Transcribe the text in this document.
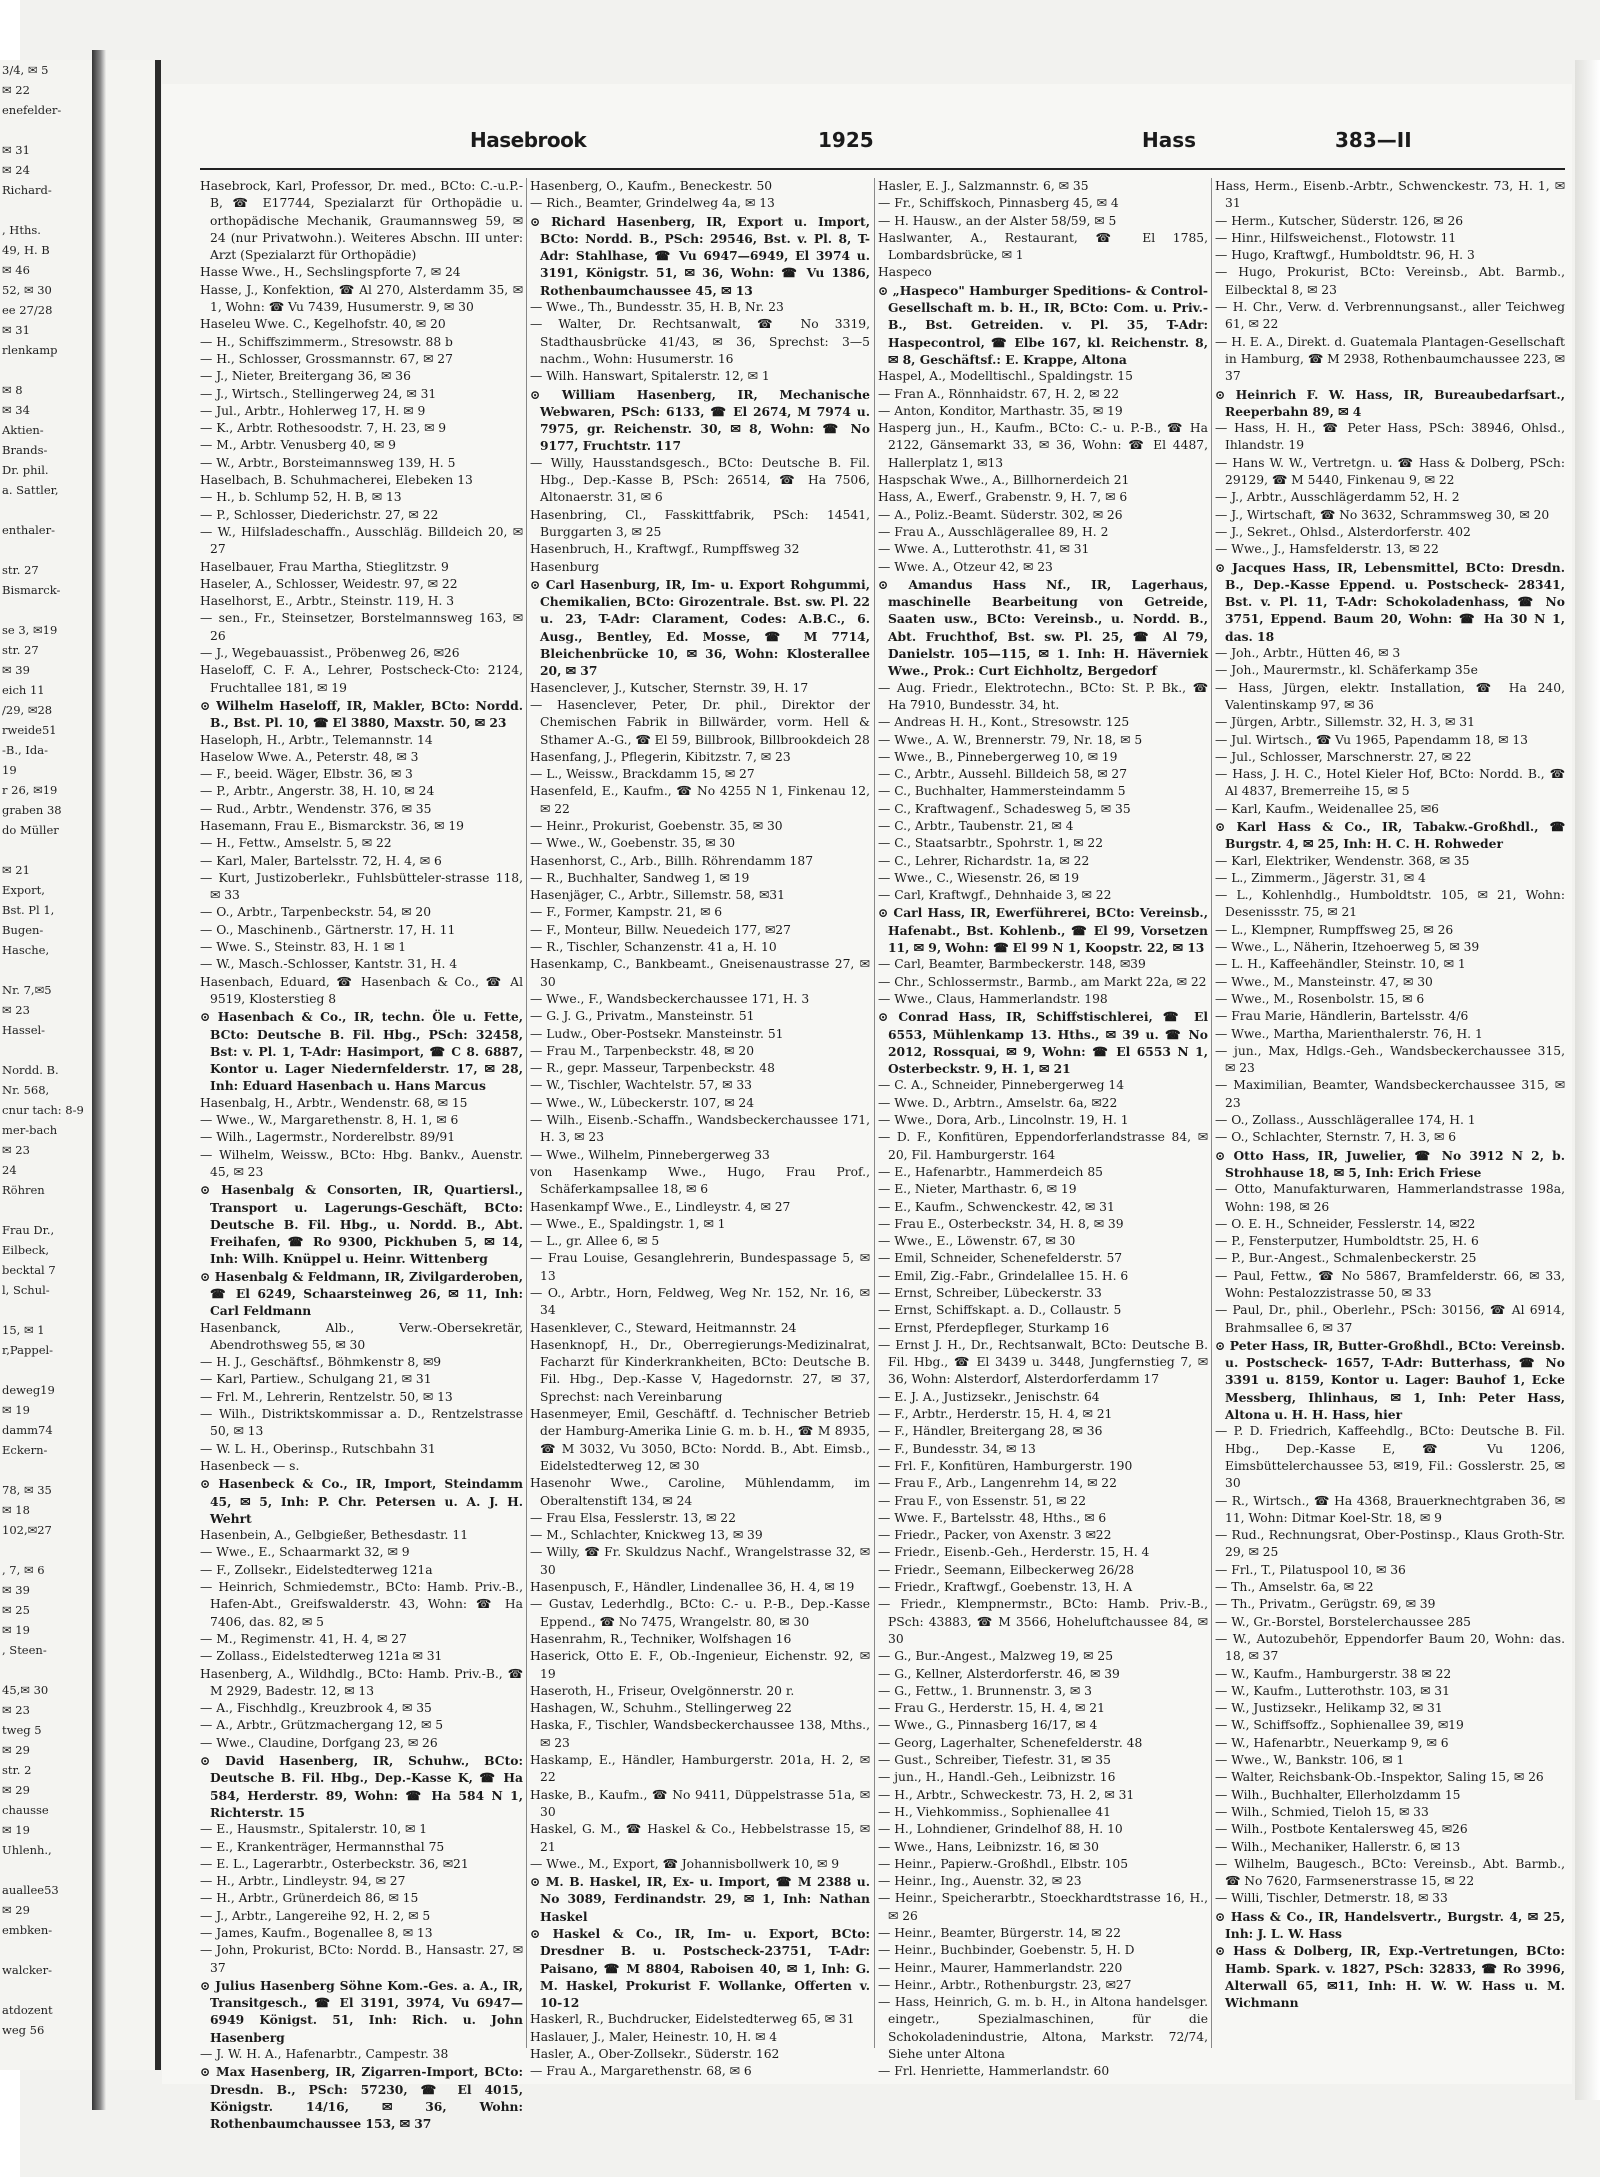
3/4, ✉ 5
✉ 22
enefelder-

✉ 31
✉ 24
Richard-

, Hths.
49, H. B
✉ 46
52, ✉ 30
ee 27/28
✉ 31
rlenkamp

✉ 8
✉ 34
Aktien-
Brands-
Dr. phil.
a. Sattler,

enthaler-

str. 27
Bismarck-

se 3, ✉19
str. 27
✉ 39
eich 11
/29, ✉28
rweide51
-B., Ida-
19
r 26, ✉19
graben 38
do Müller

✉ 21
Export,
Bst. Pl 1,
Bugen-
Hasche,

Nr. 7,✉5
✉ 23
Hassel-

Nordd. B.
Nr. 568,
cnur tach: 8-9
mer-bach
✉ 23
24
Röhren

Frau Dr.,
Eilbeck,
becktal 7
l, Schul-

15, ✉ 1
r,Pappel-

deweg19
✉ 19
damm74
Eckern-

78, ✉ 35
✉ 18
102,✉27

, 7, ✉ 6
✉ 39
✉ 25
✉ 19
, Steen-

45,✉ 30
✉ 23
tweg 5
✉ 29
str. 2
✉ 29
chausse
✉ 19
Uhlenh.,

auallee53
✉ 29
embken-

walcker-

atdozent
weg 56
Hasebrook	1925	Hass	383—II

Hasebrock, Karl, Professor, Dr. med., BCto: C.-u.P.-B, ☎ E17744, Spezialarzt für Orthopädie u. orthopädische Mechanik, Graumannsweg 59, ✉ 24 (nur Privatwohn.). Weiteres Abschn. III unter: Arzt (Spezialarzt für Orthopädie)

Hasse Wwe., H., Sechslingspforte 7, ✉ 24

Hasse, J., Konfektion, ☎ Al 270, Alsterdamm 35, ✉ 1, Wohn: ☎ Vu 7439, Husumerstr. 9, ✉ 30

Haseleu Wwe. C., Kegelhofstr. 40, ✉ 20

— H., Schiffszimmerm., Stresowstr. 88 b

— H., Schlosser, Grossmannstr. 67, ✉ 27

— J., Nieter, Breitergang 36, ✉ 36

— J., Wirtsch., Stellingerweg 24, ✉ 31

— Jul., Arbtr., Hohlerweg 17, H. ✉ 9

— K., Arbtr. Rothesoodstr. 7, H. 23, ✉ 9

— M., Arbtr. Venusberg 40, ✉ 9

— W., Arbtr., Borsteimannsweg 139, H. 5

Haselbach, B. Schuhmacherei, Elebeken 13

— H., b. Schlump 52, H. B, ✉ 13

— P., Schlosser, Diederichstr. 27, ✉ 22

— W., Hilfsladeschaffn., Ausschläg. Billdeich 20, ✉ 27

Haselbauer, Frau Martha, Stieglitzstr. 9

Haseler, A., Schlosser, Weidestr. 97, ✉ 22

Haselhorst, E., Arbtr., Steinstr. 119, H. 3

— sen., Fr., Steinsetzer, Borstelmannsweg 163, ✉ 26

— J., Wegebauassist., Pröbenweg 26, ✉26

Haseloff, C. F. A., Lehrer, Postscheck-Cto: 2124, Fruchtallee 181, ✉ 19

⊙ Wilhelm Haseloff, IR, Makler, BCto: Nordd. B., Bst. Pl. 10, ☎ El 3880, Maxstr. 50, ✉ 23

Haseloph, H., Arbtr., Telemannstr. 14

Haselow Wwe. A., Peterstr. 48, ✉ 3

— F., beeid. Wäger, Elbstr. 36, ✉ 3

— P., Arbtr., Angerstr. 38, H. 10, ✉ 24

— Rud., Arbtr., Wendenstr. 376, ✉ 35

Hasemann, Frau E., Bismarckstr. 36, ✉ 19

— H., Fettw., Amselstr. 5, ✉ 22

— Karl, Maler, Bartelsstr. 72, H. 4, ✉ 6

— Kurt, Justizoberlekr., Fuhlsbütteler-strasse 118, ✉ 33

— O., Arbtr., Tarpenbeckstr. 54, ✉ 20

— O., Maschinenb., Gärtnerstr. 17, H. 11

— Wwe. S., Steinstr. 83, H. 1 ✉ 1

— W., Masch.-Schlosser, Kantstr. 31, H. 4

Hasenbach, Eduard, ☎ Hasenbach & Co., ☎ Al 9519, Klosterstieg 8

⊙ Hasenbach & Co., IR, techn. Öle u. Fette, BCto: Deutsche B. Fil. Hbg., PSch: 32458, Bst: v. Pl. 1, T-Adr: Hasimport, ☎ C 8. 6887, Kontor u. Lager Niedernfelderstr. 17, ✉ 28, Inh: Eduard Hasenbach u. Hans Marcus

Hasenbalg, H., Arbtr., Wendenstr. 68, ✉ 15

— Wwe., W., Margarethenstr. 8, H. 1, ✉ 6

— Wilh., Lagermstr., Norderelbstr. 89/91

— Wilhelm, Weissw., BCto: Hbg. Bankv., Auenstr. 45, ✉ 23

⊙ Hasenbalg & Consorten, IR, Quartiersl., Transport u. Lagerungs-Geschäft, BCto: Deutsche B. Fil. Hbg., u. Nordd. B., Abt. Freihafen, ☎ Ro 9300, Pickhuben 5, ✉ 14, Inh: Wilh. Knüppel u. Heinr. Wittenberg

⊙ Hasenbalg & Feldmann, IR, Zivilgarderoben, ☎ El 6249, Schaarsteinweg 26, ✉ 11, Inh: Carl Feldmann

Hasenbanck, Alb., Verw.-Obersekretär, Abendrothsweg 55, ✉ 30

— H. J., Geschäftsf., Böhmkenstr 8, ✉9

— Karl, Partiew., Schulgang 21, ✉ 31

— Frl. M., Lehrerin, Rentzelstr. 50, ✉ 13

— Wilh., Distriktskommissar a. D., Rentzelstrasse 50, ✉ 13

— W. L. H., Oberinsp., Rutschbahn 31

Hasenbeck — s.

⊙ Hasenbeck & Co., IR, Import, Steindamm 45, ✉ 5, Inh: P. Chr. Petersen u. A. J. H. Wehrt

Hasenbein, A., Gelbgießer, Bethesdastr. 11

— Wwe., E., Schaarmarkt 32, ✉ 9

— F., Zollsekr., Eidelstedterweg 121a

— Heinrich, Schmiedemstr., BCto: Hamb. Priv.-B., Hafen-Abt., Greifswalderstr. 43, Wohn: ☎ Ha 7406, das. 82, ✉ 5

— M., Regimenstr. 41, H. 4, ✉ 27

— Zollass., Eidelstedterweg 121a ✉ 31

Hasenberg, A., Wildhdlg., BCto: Hamb. Priv.-B., ☎ M 2929, Badestr. 12, ✉ 13

— A., Fischhdlg., Kreuzbrook 4, ✉ 35

— A., Arbtr., Grützmachergang 12, ✉ 5

— Wwe., Claudine, Dorfgang 23, ✉ 26

⊙ David Hasenberg, IR, Schuhw., BCto: Deutsche B. Fil. Hbg., Dep.-Kasse K, ☎ Ha 584, Herderstr. 89, Wohn: ☎ Ha 584 N 1, Richterstr. 15

— E., Hausmstr., Spitalerstr. 10, ✉ 1

— E., Krankenträger, Hermannsthal 75

— E. L., Lagerarbtr., Osterbeckstr. 36, ✉21

— H., Arbtr., Lindleystr. 94, ✉ 27

— H., Arbtr., Grünerdeich 86, ✉ 15

— J., Arbtr., Langereihe 92, H. 2, ✉ 5

— James, Kaufm., Bogenallee 8, ✉ 13

— John, Prokurist, BCto: Nordd. B., Hansastr. 27, ✉ 37

⊙ Julius Hasenberg Söhne Kom.-Ges. a. A., IR, Transitgesch., ☎ El 3191, 3974, Vu 6947—6949 Königst. 51, Inh: Rich. u. John Hasenberg

— J. W. H. A., Hafenarbtr., Campestr. 38

⊙ Max Hasenberg, IR, Zigarren-Import, BCto: Dresdn. B., PSch: 57230, ☎ El 4015, Königstr. 14/16, ✉ 36, Wohn: Rothenbaumchaussee 153, ✉ 37

Hasenberg, O., Kaufm., Beneckestr. 50

— Rich., Beamter, Grindelweg 4a, ✉ 13

⊙ Richard Hasenberg, IR, Export u. Import, BCto: Nordd. B., PSch: 29546, Bst. v. Pl. 8, T-Adr: Stahlhase, ☎ Vu 6947—6949, El 3974 u. 3191, Königstr. 51, ✉ 36, Wohn: ☎ Vu 1386, Rothenbaumchaussee 45, ✉ 13

— Wwe., Th., Bundesstr. 35, H. B, Nr. 23

— Walter, Dr. Rechtsanwalt, ☎ No 3319, Stadthausbrücke 41/43, ✉ 36, Sprechst: 3—5 nachm., Wohn: Husumerstr. 16

— Wilh. Hanswart, Spitalerstr. 12, ✉ 1

⊙ William Hasenberg, IR, Mechanische Webwaren, PSch: 6133, ☎ El 2674, M 7974 u. 7975, gr. Reichenstr. 30, ✉ 8, Wohn: ☎ No 9177, Fruchtstr. 117

— Willy, Hausstandsgesch., BCto: Deutsche B. Fil. Hbg., Dep.-Kasse B, PSch: 26514, ☎ Ha 7506, Altonaerstr. 31, ✉ 6

Hasenbring, Cl., Fasskittfabrik, PSch: 14541, Burggarten 3, ✉ 25

Hasenbruch, H., Kraftwgf., Rumpffsweg 32

Hasenburg

⊙ Carl Hasenburg, IR, Im- u. Export Rohgummi, Chemikalien, BCto: Girozentrale. Bst. sw. Pl. 22 u. 23, T-Adr: Clarament, Codes: A.B.C., 6. Ausg., Bentley, Ed. Mosse, ☎ M 7714, Bleichenbrücke 10, ✉ 36, Wohn: Klosterallee 20, ✉ 37

Hasenclever, J., Kutscher, Sternstr. 39, H. 17

— Hasenclever, Peter, Dr. phil., Direktor der Chemischen Fabrik in Billwärder, vorm. Hell & Sthamer A.-G., ☎ El 59, Billbrook, Billbrookdeich 28

Hasenfang, J., Pflegerin, Kibitzstr. 7, ✉ 23

— L., Weissw., Brackdamm 15, ✉ 27

Hasenfeld, E., Kaufm., ☎ No 4255 N 1, Finkenau 12, ✉ 22

— Heinr., Prokurist, Goebenstr. 35, ✉ 30

— Wwe., W., Goebenstr. 35, ✉ 30

Hasenhorst, C., Arb., Billh. Röhrendamm 187

— R., Buchhalter, Sandweg 1, ✉ 19

Hasenjäger, C., Arbtr., Sillemstr. 58, ✉31

— F., Former, Kampstr. 21, ✉ 6

— F., Monteur, Billw. Neuedeich 177, ✉27

— R., Tischler, Schanzenstr. 41 a, H. 10

Hasenkamp, C., Bankbeamt., Gneisenaustrasse 27, ✉ 30

— Wwe., F., Wandsbeckerchaussee 171, H. 3

— G. J. G., Privatm., Mansteinstr. 51

— Ludw., Ober-Postsekr. Mansteinstr. 51

— Frau M., Tarpenbeckstr. 48, ✉ 20

— R., gepr. Masseur, Tarpenbeckstr. 48

— W., Tischler, Wachtelstr. 57, ✉ 33

— Wwe., W., Lübeckerstr. 107, ✉ 24

— Wilh., Eisenb.-Schaffn., Wandsbeckerchaussee 171, H. 3, ✉ 23

— Wwe., Wilhelm, Pinnebergerweg 33

von Hasenkamp Wwe., Hugo, Frau Prof., Schäferkampsallee 18, ✉ 6

Hasenkampf Wwe., E., Lindleystr. 4, ✉ 27

— Wwe., E., Spaldingstr. 1, ✉ 1

— L., gr. Allee 6, ✉ 5

— Frau Louise, Gesanglehrerin, Bundespassage 5, ✉ 13

— O., Arbtr., Horn, Feldweg, Weg Nr. 152, Nr. 16, ✉ 34

Hasenklever, C., Steward, Heitmannstr. 24

Hasenknopf, H., Dr., Oberregierungs-Medizinalrat, Facharzt für Kinderkrankheiten, BCto: Deutsche B. Fil. Hbg., Dep.-Kasse V, Hagedornstr. 27, ✉ 37, Sprechst: nach Vereinbarung

Hasenmeyer, Emil, Geschäftf. d. Technischer Betrieb der Hamburg-Amerika Linie G. m. b. H., ☎ M 8935, ☎ M 3032, Vu 3050, BCto: Nordd. B., Abt. Eimsb., Eidelstedterweg 12, ✉ 30

Hasenohr Wwe., Caroline, Mühlendamm, im Oberaltenstift 134, ✉ 24

— Frau Elsa, Fesslerstr. 13, ✉ 22

— M., Schlachter, Knickweg 13, ✉ 39

— Willy, ☎ Fr. Skuldzus Nachf., Wrangelstrasse 32, ✉ 30

Hasenpusch, F., Händler, Lindenallee 36, H. 4, ✉ 19

— Gustav, Lederhdlg., BCto: C.- u. P.-B., Dep.-Kasse Eppend., ☎ No 7475, Wrangelstr. 80, ✉ 30

Hasenrahm, R., Techniker, Wolfshagen 16

Haserick, Otto E. F., Ob.-Ingenieur, Eichenstr. 92, ✉ 19

Haseroth, H., Friseur, Ovelgönnerstr. 20 r.

Hashagen, W., Schuhm., Stellingerweg 22

Haska, F., Tischler, Wandsbeckerchaussee 138, Mths., ✉ 23

Haskamp, E., Händler, Hamburgerstr. 201a, H. 2, ✉ 22

Haske, B., Kaufm., ☎ No 9411, Düppelstrasse 51a, ✉ 30

Haskel, G. M., ☎ Haskel & Co., Hebbelstrasse 15, ✉ 21

— Wwe., M., Export, ☎ Johannisbollwerk 10, ✉ 9

⊙ M. B. Haskel, IR, Ex- u. Import, ☎ M 2388 u. No 3089, Ferdinandstr. 29, ✉ 1, Inh: Nathan Haskel

⊙ Haskel & Co., IR, Im- u. Export, BCto: Dresdner B. u. Postscheck-23751, T-Adr: Paisano, ☎ M 8804, Raboisen 40, ✉ 1, Inh: G. M. Haskel, Prokurist F. Wollanke, Offerten v. 10-12

Haskerl, R., Buchdrucker, Eidelstedterweg 65, ✉ 31

Haslauer, J., Maler, Heinestr. 10, H. ✉ 4

Hasler, A., Ober-Zollsekr., Süderstr. 162

— Frau A., Margarethenstr. 68, ✉ 6

Hasler, E. J., Salzmannstr. 6, ✉ 35

— Fr., Schiffskoch, Pinnasberg 45, ✉ 4

— H. Hausw., an der Alster 58/59, ✉ 5

Haslwanter, A., Restaurant, ☎ El 1785, Lombardsbrücke, ✉ 1

Haspeco

⊙ „Haspeco" Hamburger Speditions- & Control-Gesellschaft m. b. H., IR, BCto: Com. u. Priv.-B., Bst. Getreiden. v. Pl. 35, T-Adr: Haspecontrol, ☎ Elbe 167, kl. Reichenstr. 8, ✉ 8, Geschäftsf.: E. Krappe, Altona

Haspel, A., Modelltischl., Spaldingstr. 15

— Fran A., Rönnhaidstr. 67, H. 2, ✉ 22

— Anton, Konditor, Marthastr. 35, ✉ 19

Hasperg jun., H., Kaufm., BCto: C.- u. P.-B., ☎ Ha 2122, Gänsemarkt 33, ✉ 36, Wohn: ☎ El 4487, Hallerplatz 1, ✉13

Haspschak Wwe., A., Billhornerdeich 21

Hass, A., Ewerf., Grabenstr. 9, H. 7, ✉ 6

— A., Poliz.-Beamt. Süderstr. 302, ✉ 26

— Frau A., Ausschlägerallee 89, H. 2

— Wwe. A., Lutterothstr. 41, ✉ 31

— Wwe. A., Otzeur 42, ✉ 23

⊙ Amandus Hass Nf., IR, Lagerhaus, maschinelle Bearbeitung von Getreide, Saaten usw., BCto: Vereinsb., u. Nordd. B., Abt. Fruchthof, Bst. sw. Pl. 25, ☎ Al 79, Danielstr. 105—115, ✉ 1. Inh: H. Häverniek Wwe., Prok.: Curt Eichholtz, Bergedorf

— Aug. Friedr., Elektrotechn., BCto: St. P. Bk., ☎ Ha 7910, Bundesstr. 34, ht.

— Andreas H. H., Kont., Stresowstr. 125

— Wwe., A. W., Brennerstr. 79, Nr. 18, ✉ 5

— Wwe., B., Pinnebergerweg 10, ✉ 19

— C., Arbtr., Aussehl. Billdeich 58, ✉ 27

— C., Buchhalter, Hammersteindamm 5

— C., Kraftwagenf., Schadesweg 5, ✉ 35

— C., Arbtr., Taubenstr. 21, ✉ 4

— C., Staatsarbtr., Spohrstr. 1, ✉ 22

— C., Lehrer, Richardstr. 1a, ✉ 22

— Wwe., C., Wiesenstr. 26, ✉ 19

— Carl, Kraftwgf., Dehnhaide 3, ✉ 22

⊙ Carl Hass, IR, Ewerführerei, BCto: Vereinsb., Hafenabt., Bst. Kohlenb., ☎ El 99, Vorsetzen 11, ✉ 9, Wohn: ☎ El 99 N 1, Koopstr. 22, ✉ 13

— Carl, Beamter, Barmbeckerstr. 148, ✉39

— Chr., Schlossermstr., Barmb., am Markt 22a, ✉ 22

— Wwe., Claus, Hammerlandstr. 198

⊙ Conrad Hass, IR, Schiffstischlerei, ☎ El 6553, Mühlenkamp 13. Hths., ✉ 39 u. ☎ No 2012, Rossquai, ✉ 9, Wohn: ☎ El 6553 N 1, Osterbeckstr. 9, H. 1, ✉ 21

— C. A., Schneider, Pinnebergerweg 14

— Wwe. D., Arbtrn., Amselstr. 6a, ✉22

— Wwe., Dora, Arb., Lincolnstr. 19, H. 1

— D. F., Konfitüren, Eppendorferlandstrasse 84, ✉ 20, Fil. Hamburgerstr. 164

— E., Hafenarbtr., Hammerdeich 85

— E., Nieter, Marthastr. 6, ✉ 19

— E., Kaufm., Schwenckestr. 42, ✉ 31

— Frau E., Osterbeckstr. 34, H. 8, ✉ 39

— Wwe., E., Löwenstr. 67, ✉ 30

— Emil, Schneider, Schenefelderstr. 57

— Emil, Zig.-Fabr., Grindelallee 15. H. 6

— Ernst, Schreiber, Lübeckerstr. 33

— Ernst, Schiffskapt. a. D., Collaustr. 5

— Ernst, Pferdepfleger, Sturkamp 16

— Ernst J. H., Dr., Rechtsanwalt, BCto: Deutsche B. Fil. Hbg., ☎ El 3439 u. 3448, Jungfernstieg 7, ✉ 36, Wohn: Alsterdorf, Alsterdorferdamm 17

— E. J. A., Justizsekr., Jenischstr. 64

— F., Arbtr., Herderstr. 15, H. 4, ✉ 21

— F., Händler, Breitergang 28, ✉ 36

— F., Bundesstr. 34, ✉ 13

— Frl. F., Konfitüren, Hamburgerstr. 190

— Frau F., Arb., Langenrehm 14, ✉ 22

— Frau F., von Essenstr. 51, ✉ 22

— Wwe. F., Bartelsstr. 48, Hths., ✉ 6

— Friedr., Packer, von Axenstr. 3 ✉22

— Friedr., Eisenb.-Geh., Herderstr. 15, H. 4

— Friedr., Seemann, Eilbeckerweg 26/28

— Friedr., Kraftwgf., Goebenstr. 13, H. A

— Friedr., Klempnermstr., BCto: Hamb. Priv.-B., PSch: 43883, ☎ M 3566, Hoheluftchaussee 84, ✉ 30

— G., Bur.-Angest., Malzweg 19, ✉ 25

— G., Kellner, Alsterdorferstr. 46, ✉ 39

— G., Fettw., 1. Brunnenstr. 3, ✉ 3

— Frau G., Herderstr. 15, H. 4, ✉ 21

— Wwe., G., Pinnasberg 16/17, ✉ 4

— Georg, Lagerhalter, Schenefelderstr. 48

— Gust., Schreiber, Tiefestr. 31, ✉ 35

— jun., H., Handl.-Geh., Leibnizstr. 16

— H., Arbtr., Schweckestr. 73, H. 2, ✉ 31

— H., Viehkommiss., Sophienallee 41

— H., Lohndiener, Grindelhof 88, H. 10

— Wwe., Hans, Leibnizstr. 16, ✉ 30

— Heinr., Papierw.-Großhdl., Elbstr. 105

— Heinr., Ing., Auenstr. 32, ✉ 23

— Heinr., Speicherarbtr., Stoeckhardtstrasse 16, H., ✉ 26

— Heinr., Beamter, Bürgerstr. 14, ✉ 22

— Heinr., Buchbinder, Goebenstr. 5, H. D

— Heinr., Maurer, Hammerlandstr. 220

— Heinr., Arbtr., Rothenburgstr. 23, ✉27

— Hass, Heinrich, G. m. b. H., in Altona handelsger. eingetr., Spezialmaschinen, für die Schokoladenindustrie, Altona, Markstr. 72/74, Siehe unter Altona

— Frl. Henriette, Hammerlandstr. 60

Hass, Herm., Eisenb.-Arbtr., Schwenckestr. 73, H. 1, ✉ 31

— Herm., Kutscher, Süderstr. 126, ✉ 26

— Hinr., Hilfsweichenst., Flotowstr. 11

— Hugo, Kraftwgf., Humboldtstr. 96, H. 3

— Hugo, Prokurist, BCto: Vereinsb., Abt. Barmb., Eilbecktal 8, ✉ 23

— H. Chr., Verw. d. Verbrennungsanst., aller Teichweg 61, ✉ 22

— H. E. A., Direkt. d. Guatemala Plantagen-Gesellschaft in Hamburg, ☎ M 2938, Rothenbaumchaussee 223, ✉ 37

⊙ Heinrich F. W. Hass, IR, Bureaubedarfsart., Reeperbahn 89, ✉ 4

— Hass, H. H., ☎ Peter Hass, PSch: 38946, Ohlsd., Ihlandstr. 19

— Hans W. W., Vertretgn. u. ☎ Hass & Dolberg, PSch: 29129, ☎ M 5440, Finkenau 9, ✉ 22

— J., Arbtr., Ausschlägerdamm 52, H. 2

— J., Wirtschaft, ☎ No 3632, Schrammsweg 30, ✉ 20

— J., Sekret., Ohlsd., Alsterdorferstr. 402

— Wwe., J., Hamsfelderstr. 13, ✉ 22

⊙ Jacques Hass, IR, Lebensmittel, BCto: Dresdn. B., Dep.-Kasse Eppend. u. Postscheck- 28341, Bst. v. Pl. 11, T-Adr: Schokoladenhass, ☎ No 3751, Eppend. Baum 20, Wohn: ☎ Ha 30 N 1, das. 18

— Joh., Arbtr., Hütten 46, ✉ 3

— Joh., Maurermstr., kl. Schäferkamp 35e

— Hass, Jürgen, elektr. Installation, ☎ Ha 240, Valentinskamp 97, ✉ 36

— Jürgen, Arbtr., Sillemstr. 32, H. 3, ✉ 31

— Jul. Wirtsch., ☎ Vu 1965, Papendamm 18, ✉ 13

— Jul., Schlosser, Marschnerstr. 27, ✉ 22

— Hass, J. H. C., Hotel Kieler Hof, BCto: Nordd. B., ☎ Al 4837, Bremerreihe 15, ✉ 5

— Karl, Kaufm., Weidenallee 25, ✉6

⊙ Karl Hass & Co., IR, Tabakw.-Großhdl., ☎ Burgstr. 4, ✉ 25, Inh: H. C. H. Rohweder

— Karl, Elektriker, Wendenstr. 368, ✉ 35

— L., Zimmerm., Jägerstr. 31, ✉ 4

— L., Kohlenhdlg., Humboldtstr. 105, ✉ 21, Wohn: Desenissstr. 75, ✉ 21

— L., Klempner, Rumpffsweg 25, ✉ 26

— Wwe., L., Näherin, Itzehoerweg 5, ✉ 39

— L. H., Kaffeehändler, Steinstr. 10, ✉ 1

— Wwe., M., Mansteinstr. 47, ✉ 30

— Wwe., M., Rosenbolstr. 15, ✉ 6

— Frau Marie, Händlerin, Bartelsstr. 4/6

— Wwe., Martha, Marienthalerstr. 76, H. 1

— jun., Max, Hdlgs.-Geh., Wandsbeckerchaussee 315, ✉ 23

— Maximilian, Beamter, Wandsbeckerchaussee 315, ✉ 23

— O., Zollass., Ausschlägerallee 174, H. 1

— O., Schlachter, Sternstr. 7, H. 3, ✉ 6

⊙ Otto Hass, IR, Juwelier, ☎ No 3912 N 2, b. Strohhause 18, ✉ 5, Inh: Erich Friese

— Otto, Manufakturwaren, Hammerlandstrasse 198a, Wohn: 198, ✉ 26

— O. E. H., Schneider, Fesslerstr. 14, ✉22

— P., Fensterputzer, Humboldtstr. 25, H. 6

— P., Bur.-Angest., Schmalenbeckerstr. 25

— Paul, Fettw., ☎ No 5867, Bramfelderstr. 66, ✉ 33, Wohn: Pestalozzistrasse 50, ✉ 33

— Paul, Dr., phil., Oberlehr., PSch: 30156, ☎ Al 6914, Brahmsallee 6, ✉ 37

⊙ Peter Hass, IR, Butter-Großhdl., BCto: Vereinsb. u. Postscheck- 1657, T-Adr: Butterhass, ☎ No 3391 u. 8159, Kontor u. Lager: Bauhof 1, Ecke Messberg, Ihlinhaus, ✉ 1, Inh: Peter Hass, Altona u. H. H. Hass, hier

— P. D. Friedrich, Kaffeehdlg., BCto: Deutsche B. Fil. Hbg., Dep.-Kasse E, ☎ Vu 1206, Eimsbüttelerchaussee 53, ✉19, Fil.: Gosslerstr. 25, ✉ 30

— R., Wirtsch., ☎ Ha 4368, Brauerknechtgraben 36, ✉ 11, Wohn: Ditmar Koel-Str. 18, ✉ 9

— Rud., Rechnungsrat, Ober-Postinsp., Klaus Groth-Str. 29, ✉ 25

— Frl., T., Pilatuspool 10, ✉ 36

— Th., Amselstr. 6a, ✉ 22

— Th., Privatm., Gerügstr. 69, ✉ 39

— W., Gr.-Borstel, Borstelerchaussee 285

— W., Autozubehör, Eppendorfer Baum 20, Wohn: das. 18, ✉ 37

— W., Kaufm., Hamburgerstr. 38 ✉ 22

— W., Kaufm., Lutterothstr. 103, ✉ 31

— W., Justizsekr., Helikamp 32, ✉ 31

— W., Schiffsoffz., Sophienallee 39, ✉19

— W., Hafenarbtr., Neuerkamp 9, ✉ 6

— Wwe., W., Bankstr. 106, ✉ 1

— Walter, Reichsbank-Ob.-Inspektor, Saling 15, ✉ 26

— Wilh., Buchhalter, Ellerholzdamm 15

— Wilh., Schmied, Tieloh 15, ✉ 33

— Wilh., Postbote Kentalersweg 45, ✉26

— Wilh., Mechaniker, Hallerstr. 6, ✉ 13

— Wilhelm, Baugesch., BCto: Vereinsb., Abt. Barmb., ☎ No 7620, Farmsenerstrasse 15, ✉ 22

— Willi, Tischler, Detmerstr. 18, ✉ 33

⊙ Hass & Co., IR, Handelsvertr., Burgstr. 4, ✉ 25, Inh: J. L. W. Hass

⊙ Hass & Dolberg, IR, Exp.-Vertretungen, BCto: Hamb. Spark. v. 1827, PSch: 32833, ☎ Ro 3996, Alterwall 65, ✉11, Inh: H. W. W. Hass u. M. Wichmann
